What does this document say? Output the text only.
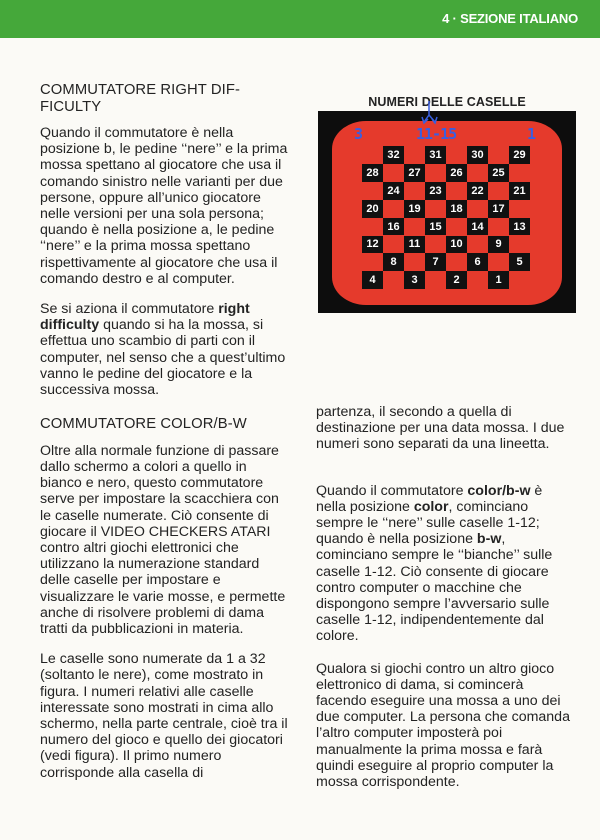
4 · SEZIONE ITALIANO
COMMUTATORE RIGHT DIF-
FICULTY

Quando il commutatore è nella posizione b, le pedine ‘‘nere’’ e la prima mossa spettano al giocatore che usa il comando sinistro nelle varianti per due persone, oppure all’unico giocatore nelle versioni per una sola persona; quando è nella posizione a, le pedine ‘‘nere’’ e la prima mossa spettano rispettivamente al giocatore che usa il comando destro e al computer.

Se si aziona il commutatore right difficulty quando si ha la mossa, si effettua uno scambio di parti con il computer, nel senso che a quest’ultimo vanno le pedine del giocatore e la successiva mossa.

COMMUTATORE COLOR/B-W

Oltre alla normale funzione di passare dallo schermo a colori a quello in bianco e nero, questo commutatore serve per impostare la scacchiera con le caselle numerate. Ciò consente di giocare il VIDEO CHECKERS ATARI contro altri giochi elettronici che utilizzano la numerazione standard delle caselle per impostare e visualizzare le varie mosse, e permette anche di risolvere problemi di dama tratti da pubblicazioni in materia.

Le caselle sono numerate da 1 a 32 (soltanto le nere), come mostrato in figura. I numeri relativi alle caselle interessate sono mostrati in cima allo schermo, nella parte centrale, cioè tra il numero del gioco e quello dei giocatori (vedi figura). Il primo numero corrisponde alla casella di

NUMERI DELLE CASELLE
3	11-15	1
32	31	30	29
28	27	26	25
24	23	22	21
20	19	18	17
16	15	14	13
12	11	10	9
8	7	6	5
4	3	2	1

partenza, il secondo a quella di destinazione per una data mossa. I due numeri sono separati da una lineetta.

Quando il commutatore color/b-w è nella posizione color, cominciano sempre le ‘‘nere’’ sulle caselle 1-12; quando è nella posizione b-w, cominciano sempre le ‘‘bianche’’ sulle caselle 1-12. Ciò consente di giocare contro computer o macchine che dispongono sempre l’avversario sulle caselle 1-12, indipendentemente dal colore.

Qualora si giochi contro un altro gioco elettronico di dama, si comincerà facendo eseguire una mossa a uno dei due computer. La persona che comanda l’altro computer imposterà poi manualmente la prima mossa e farà quindi eseguire al proprio computer la mossa corrispondente.
